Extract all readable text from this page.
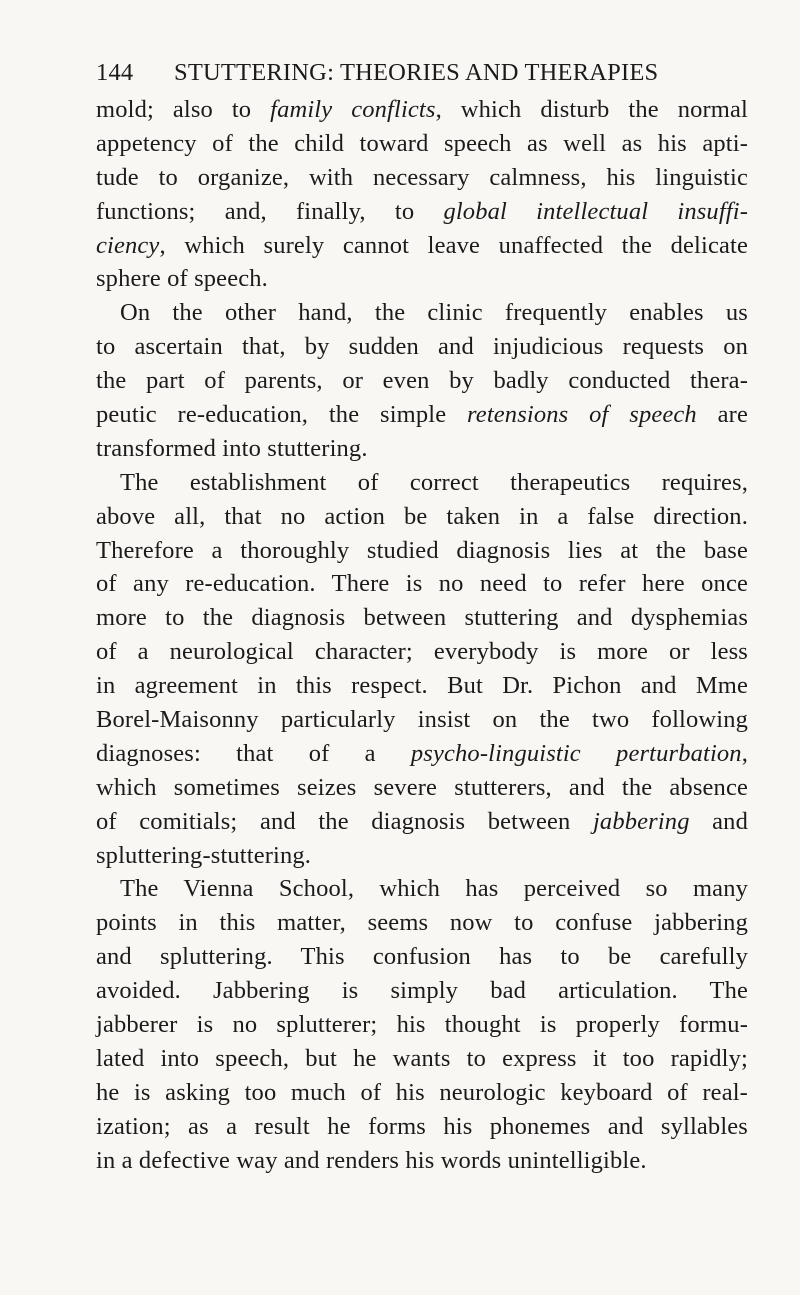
144 STUTTERING: THEORIES AND THERAPIES
mold; also to family conflicts, which disturb the normal
appetency of the child toward speech as well as his apti-
tude to organize, with necessary calmness, his linguistic
functions; and, finally, to global intellectual insuffi-
ciency, which surely cannot leave unaffected the delicate
sphere of speech.
On the other hand, the clinic frequently enables us
to ascertain that, by sudden and injudicious requests on
the part of parents, or even by badly conducted thera-
peutic re-education, the simple retensions of speech are
transformed into stuttering.
The establishment of correct therapeutics requires,
above all, that no action be taken in a false direction.
Therefore a thoroughly studied diagnosis lies at the base
of any re-education. There is no need to refer here once
more to the diagnosis between stuttering and dysphemias
of a neurological character; everybody is more or less
in agreement in this respect. But Dr. Pichon and Mme
Borel-Maisonny particularly insist on the two following
diagnoses: that of a psycho-linguistic perturbation,
which sometimes seizes severe stutterers, and the absence
of comitials; and the diagnosis between jabbering and
spluttering-stuttering.
The Vienna School, which has perceived so many
points in this matter, seems now to confuse jabbering
and spluttering. This confusion has to be carefully
avoided. Jabbering is simply bad articulation. The
jabberer is no splutterer; his thought is properly formu-
lated into speech, but he wants to express it too rapidly;
he is asking too much of his neurologic keyboard of real-
ization; as a result he forms his phonemes and syllables
in a defective way and renders his words unintelligible.
